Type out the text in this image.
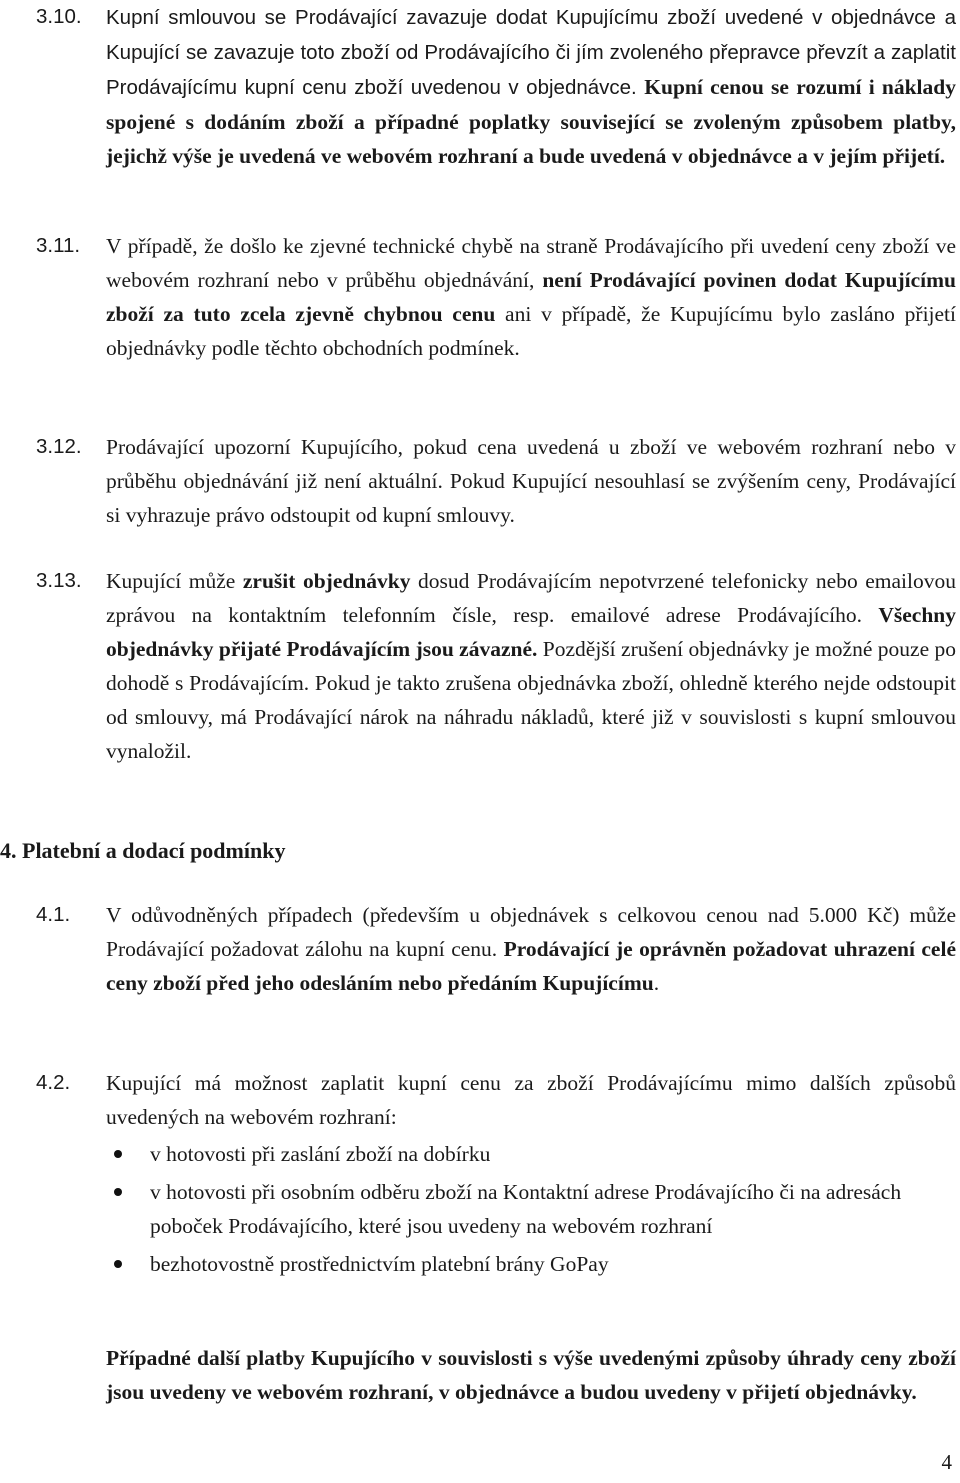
3.10. Kupní smlouvou se Prodávající zavazuje dodat Kupujícímu zboží uvedené v objednávce a Kupující se zavazuje toto zboží od Prodávajícího či jím zvoleného přepravce převzít a zaplatit Prodávajícímu kupní cenu zboží uvedenou v objednávce. Kupní cenou se rozumí i náklady spojené s dodáním zboží a případné poplatky související se zvoleným způsobem platby, jejichž výše je uvedená ve webovém rozhraní a bude uvedená v objednávce a v jejím přijetí.
3.11. V případě, že došlo ke zjevné technické chybě na straně Prodávajícího při uvedení ceny zboží ve webovém rozhraní nebo v průběhu objednávání, není Prodávající povinen dodat Kupujícímu zboží za tuto zcela zjevně chybnou cenu ani v případě, že Kupujícímu bylo zasláno přijetí objednávky podle těchto obchodních podmínek.
3.12. Prodávající upozorní Kupujícího, pokud cena uvedená u zboží ve webovém rozhraní nebo v průběhu objednávání již není aktuální. Pokud Kupující nesouhlasí se zvýšením ceny, Prodávající si vyhrazuje právo odstoupit od kupní smlouvy.
3.13. Kupující může zrušit objednávky dosud Prodávajícím nepotvrzené telefonicky nebo emailovou zprávou na kontaktním telefonním čísle, resp. emailové adrese Prodávajícího. Všechny objednávky přijaté Prodávajícím jsou závazné. Pozdější zrušení objednávky je možné pouze po dohodě s Prodávajícím. Pokud je takto zrušena objednávka zboží, ohledně kterého nejde odstoupit od smlouvy, má Prodávající nárok na náhradu nákladů, které již v souvislosti s kupní smlouvou vynaložil.
4. Platební a dodací podmínky
4.1. V odůvodněných případech (především u objednávek s celkovou cenou nad 5.000 Kč) může Prodávající požadovat zálohu na kupní cenu. Prodávající je oprávněn požadovat uhrazení celé ceny zboží před jeho odesláním nebo předáním Kupujícímu.
4.2. Kupující má možnost zaplatit kupní cenu za zboží Prodávajícímu mimo dalších způsobů uvedených na webovém rozhraní:
v hotovosti při zaslání zboží na dobírku
v hotovosti při osobním odběru zboží na Kontaktní adrese Prodávajícího či na adresách poboček Prodávajícího, které jsou uvedeny na webovém rozhraní
bezhotovostně prostřednictvím platební brány GoPay
Případné další platby Kupujícího v souvislosti s výše uvedenými způsoby úhrady ceny zboží jsou uvedeny ve webovém rozhraní, v objednávce a budou uvedeny v přijetí objednávky.
4
